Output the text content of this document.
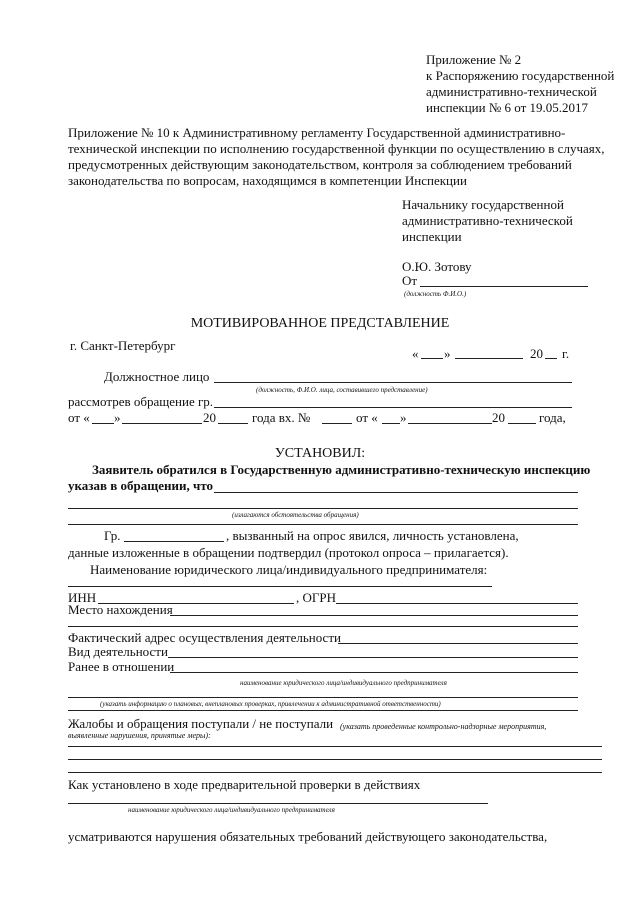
Приложение № 2
к Распоряжению государственной
административно-технической
инспекции № 6 от 19.05.2017
Приложение № 10 к Административному регламенту Государственной административно-
технической инспекции по исполнению государственной функции по осуществлению в случаях,
предусмотренных действующим законодательством, контроля за соблюдением требований
законодательства по вопросам, находящимся в компетенции Инспекции
Начальнику государственной
административно-технической
инспекции
О.Ю. Зотову
От
(должность Ф.И.О.)
МОТИВИРОВАННОЕ ПРЕДСТАВЛЕНИЕ
г. Санкт-Петербург
« »	20 г.
Должностное лицо
(должность, Ф.И.О. лица, составившего представление)
рассмотрев обращение гр.
от « »	20	года вх. №	от « »	20	года,
УСТАНОВИЛ:
Заявитель обратился в Государственную административно-техническую инспекцию
указав в обращении, что
(излагаются обстоятельства обращения)
Гр.	, вызванный на опрос явился, личность установлена,
данные изложенные в обращении подтвердил (протокол опроса – прилагается).
Наименование юридического лица/индивидуального предпринимателя:
ИНН	, ОГРН
Место нахождения
Фактический адрес осуществления деятельности
Вид деятельности
Ранее в отношении
наименование юридического лица/индивидуального предпринимателя
(указать информацию о плановых, внеплановых проверках, привлечении к административной ответственности)
Жалобы и обращения поступали / не поступали (указать проведенные контрольно-надзорные мероприятия,
выявленные нарушения, принятые меры):
Как установлено в ходе предварительной проверки в действиях
наименование юридического лица/индивидуального предпринимателя
усматриваются нарушения обязательных требований действующего законодательства,
